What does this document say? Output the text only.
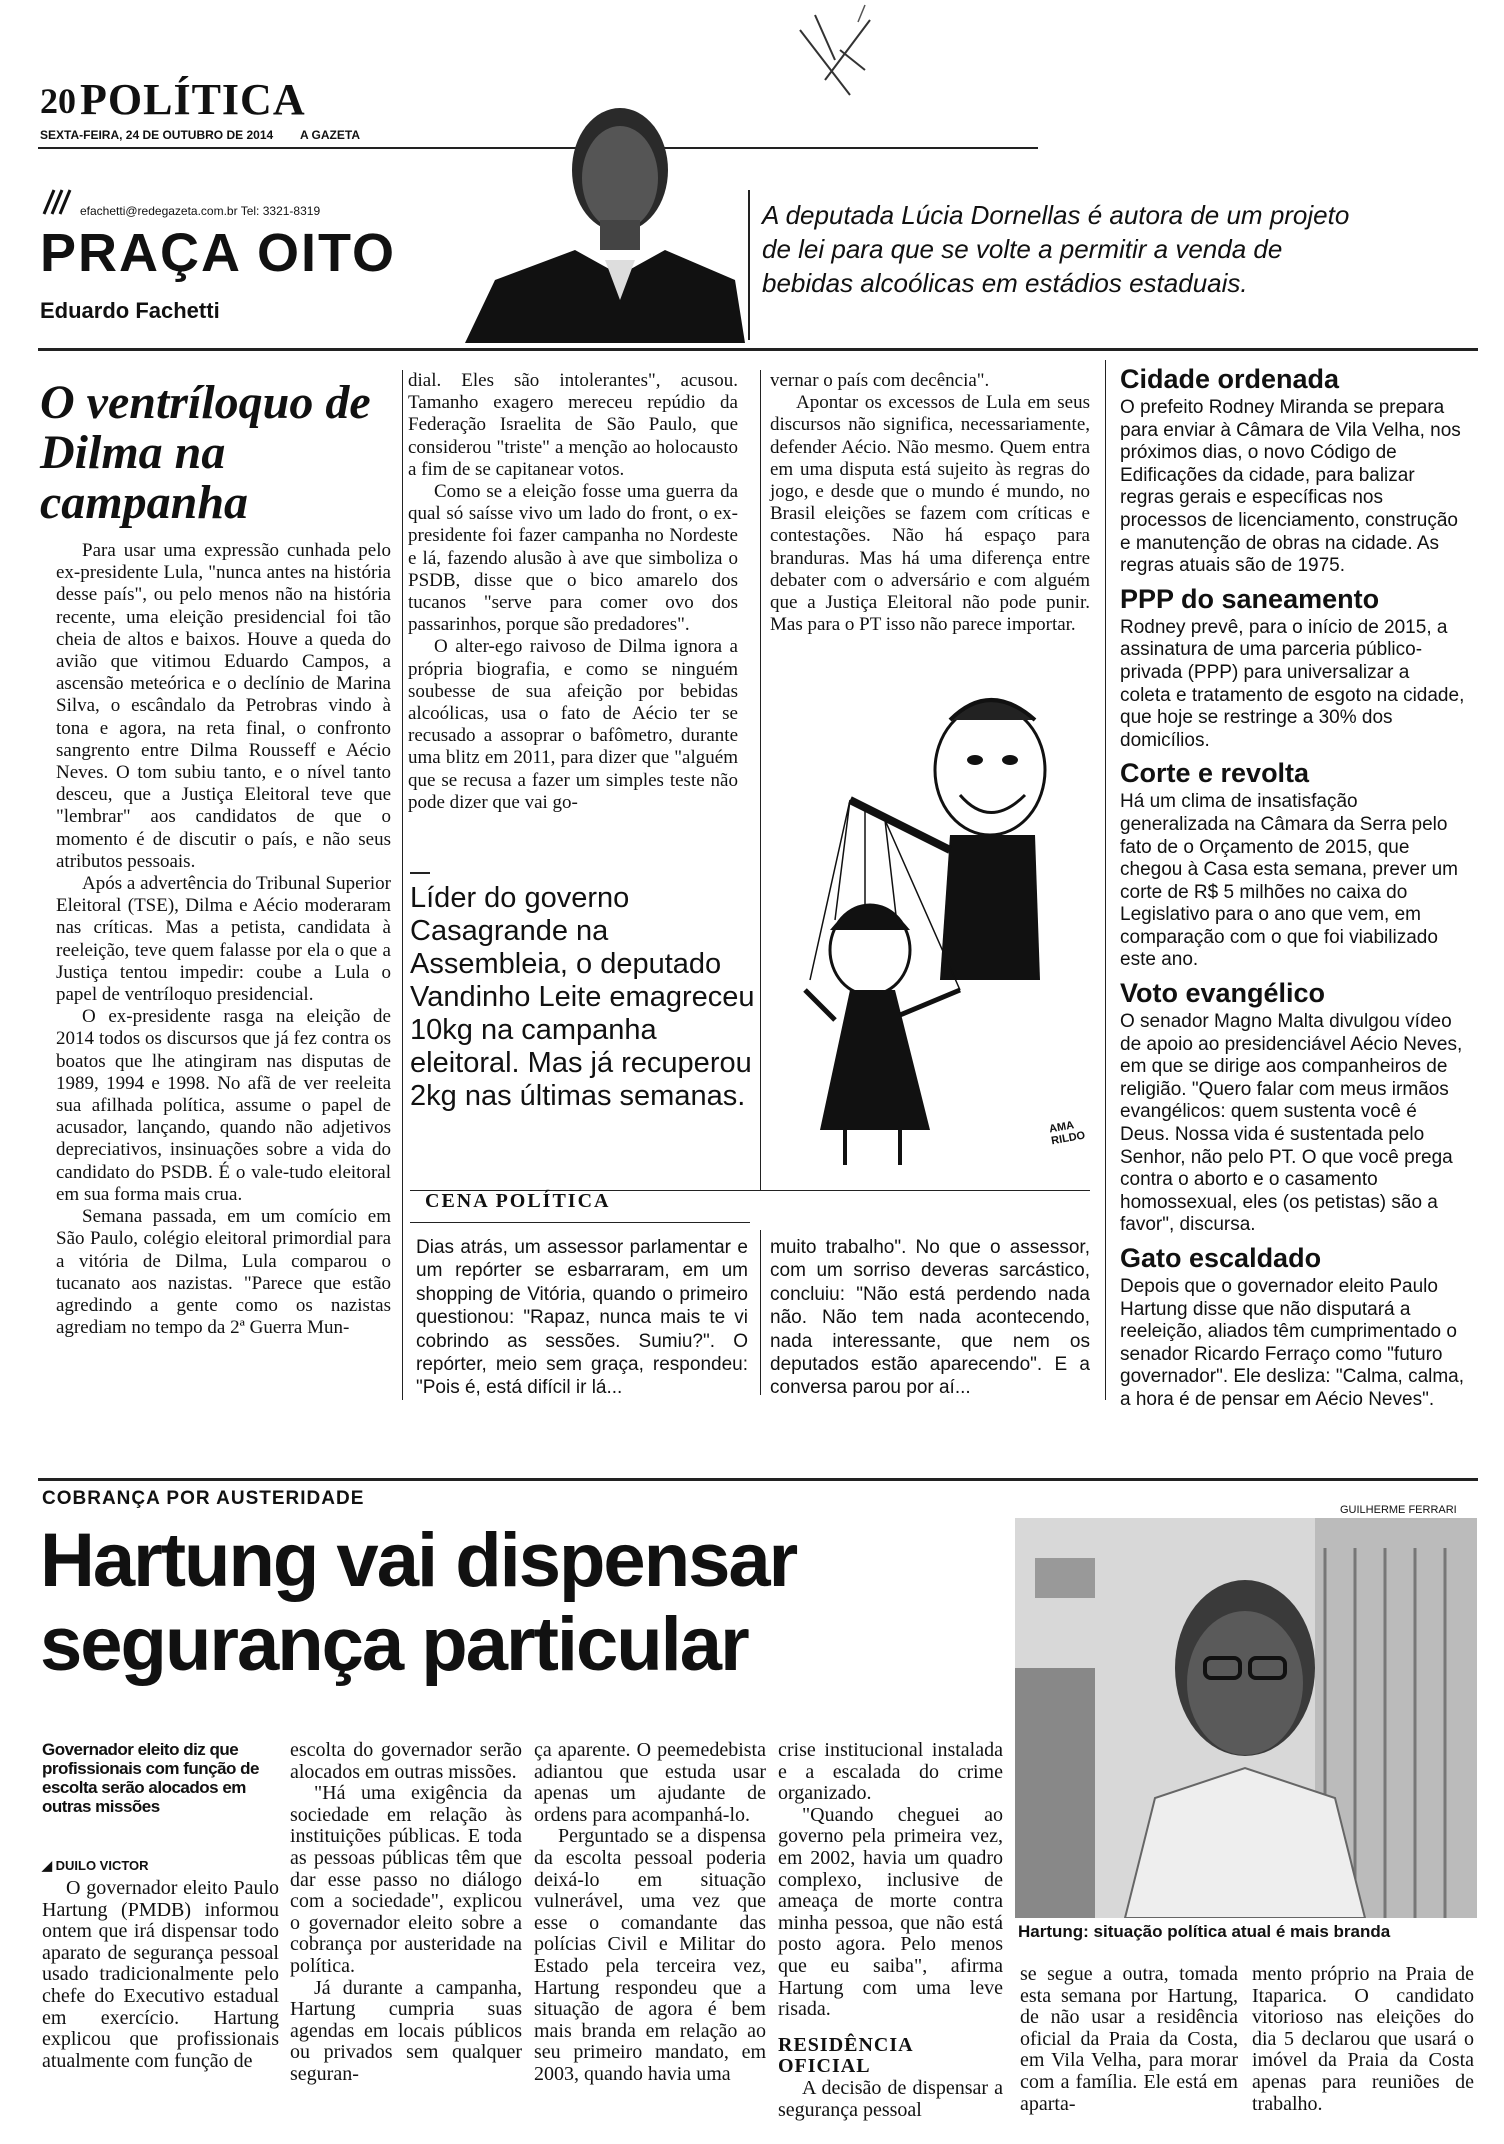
20 POLÍTICA
SEXTA-FEIRA, 24 DE OUTUBRO DE 2014 A GAZETA
efachetti@redegazeta.com.br Tel: 3321-8319
PRAÇA OITO
Eduardo Fachetti
A deputada Lúcia Dornellas é autora de um projeto de lei para que se volte a permitir a venda de bebidas alcoólicas em estádios estaduais.
O ventríloquo de Dilma na campanha

Para usar uma expressão cunhada pelo ex-presidente Lula, "nunca antes na história desse país", ou pelo menos não na história recente, uma eleição presidencial foi tão cheia de altos e baixos. Houve a queda do avião que vitimou Eduardo Campos, a ascensão meteórica e o declínio de Marina Silva, o escândalo da Petrobras vindo à tona e agora, na reta final, o confronto sangrento entre Dilma Rousseff e Aécio Neves. O tom subiu tanto, e o nível tanto desceu, que a Justiça Eleitoral teve que "lembrar" aos candidatos de que o momento é de discutir o país, e não seus atributos pessoais.

Após a advertência do Tribunal Superior Eleitoral (TSE), Dilma e Aécio moderaram nas críticas. Mas a petista, candidata à reeleição, teve quem falasse por ela o que a Justiça tentou impedir: coube a Lula o papel de ventríloquo presidencial.

O ex-presidente rasga na eleição de 2014 todos os discursos que já fez contra os boatos que lhe atingiram nas disputas de 1989, 1994 e 1998. No afã de ver reeleita sua afilhada política, assume o papel de acusador, lançando, quando não adjetivos depreciativos, insinuações sobre a vida do candidato do PSDB. É o vale-tudo eleitoral em sua forma mais crua.

Semana passada, em um comício em São Paulo, colégio eleitoral primordial para a vitória de Dilma, Lula comparou o tucanato aos nazistas. "Parece que estão agredindo a gente como os nazistas agrediam no tempo da 2ª Guerra Mun-

dial. Eles são intolerantes", acusou. Tamanho exagero mereceu repúdio da Federação Israelita de São Paulo, que considerou "triste" a menção ao holocausto a fim de se capitanear votos.

Como se a eleição fosse uma guerra da qual só saísse vivo um lado do front, o ex-presidente foi fazer campanha no Nordeste e lá, fazendo alusão à ave que simboliza o PSDB, disse que o bico amarelo dos tucanos "serve para comer ovo dos passarinhos, porque são predadores".

O alter-ego raivoso de Dilma ignora a própria biografia, e como se ninguém soubesse de sua afeição por bebidas alcoólicas, usa o fato de Aécio ter se recusado a assoprar o bafômetro, durante uma blitz em 2011, para dizer que "alguém que se recusa a fazer um simples teste não pode dizer que vai go-

vernar o país com decência".

Apontar os excessos de Lula em seus discursos não significa, necessariamente, defender Aécio. Não mesmo. Quem entra em uma disputa está sujeito às regras do jogo, e desde que o mundo é mundo, no Brasil eleições se fazem com críticas e contestações. Não há espaço para branduras. Mas há uma diferença entre debater com o adversário e com alguém que a Justiça Eleitoral não pode punir. Mas para o PT isso não parece importar.

Líder do governo Casagrande na Assembleia, o deputado Vandinho Leite emagreceu 10kg na campanha eleitoral. Mas já recuperou 2kg nas últimas semanas.
AMA RILDO
CENA POLÍTICA
Dias atrás, um assessor parlamentar e um repórter se esbarraram, em um shopping de Vitória, quando o primeiro questionou: "Rapaz, nunca mais te vi cobrindo as sessões. Sumiu?". O repórter, meio sem graça, respondeu: "Pois é, está difícil ir lá...
muito trabalho". No que o assessor, com um sorriso deveras sarcástico, concluiu: "Não está perdendo nada não. Não tem nada acontecendo, nada interessante, que nem os deputados estão aparecendo". E a conversa parou por aí...
Cidade ordenada

O prefeito Rodney Miranda se prepara para enviar à Câmara de Vila Velha, nos próximos dias, o novo Código de Edificações da cidade, para balizar regras gerais e específicas nos processos de licenciamento, construção e manutenção de obras na cidade. As regras atuais são de 1975.

PPP do saneamento

Rodney prevê, para o início de 2015, a assinatura de uma parceria público-privada (PPP) para universalizar a coleta e tratamento de esgoto na cidade, que hoje se restringe a 30% dos domicílios.

Corte e revolta

Há um clima de insatisfação generalizada na Câmara da Serra pelo fato de o Orçamento de 2015, que chegou à Casa esta semana, prever um corte de R$ 5 milhões no caixa do Legislativo para o ano que vem, em comparação com o que foi viabilizado este ano.

Voto evangélico

O senador Magno Malta divulgou vídeo de apoio ao presidenciável Aécio Neves, em que se dirige aos companheiros de religião. "Quero falar com meus irmãos evangélicos: quem sustenta você é Deus. Nossa vida é sustentada pelo Senhor, não pelo PT. O que você prega contra o aborto e o casamento homossexual, eles (os petistas) são a favor", discursa.

Gato escaldado

Depois que o governador eleito Paulo Hartung disse que não disputará a reeleição, aliados têm cumprimentado o senador Ricardo Ferraço como "futuro governador". Ele desliza: "Calma, calma, a hora é de pensar em Aécio Neves".

COBRANÇA POR AUSTERIDADE
GUILHERME FERRARI
Hartung vai dispensar
segurança particular
Hartung: situação política atual é mais branda
Governador eleito diz que profissionais com função de escolta serão alocados em outras missões
◢ DUILO VICTOR

O governador eleito Paulo Hartung (PMDB) informou ontem que irá dispensar todo aparato de segurança pessoal usado tradicionalmente pelo chefe do Executivo estadual em exercício. Hartung explicou que profissionais atualmente com função de

escolta do governador serão alocados em outras missões.

"Há uma exigência da sociedade em relação às instituições públicas. E toda as pessoas públicas têm que dar esse passo no diálogo com a sociedade", explicou o governador eleito sobre a cobrança por austeridade na política.

Já durante a campanha, Hartung cumpria suas agendas em locais públicos ou privados sem qualquer seguran-

ça aparente. O peemedebista adiantou que estuda usar apenas um ajudante de ordens para acompanhá-lo.

Perguntado se a dispensa da escolta pessoal poderia deixá-lo em situação vulnerável, uma vez que esse o comandante das polícias Civil e Militar do Estado pela terceira vez, Hartung respondeu que a situação de agora é bem mais branda em relação ao seu primeiro mandato, em 2003, quando havia uma

crise institucional instalada e a escalada do crime organizado.

"Quando cheguei ao governo pela primeira vez, em 2002, havia um quadro complexo, inclusive de ameaça de morte contra minha pessoa, que não está posto agora. Pelo menos que eu saiba", afirma Hartung com uma leve risada.

RESIDÊNCIA OFICIAL

A decisão de dispensar a segurança pessoal

se segue a outra, tomada esta semana por Hartung, de não usar a residência oficial da Praia da Costa, em Vila Velha, para morar com a família. Ele está em aparta-

mento próprio na Praia de Itaparica. O candidato vitorioso nas eleições do dia 5 declarou que usará o imóvel da Praia da Costa apenas para reuniões de trabalho.
